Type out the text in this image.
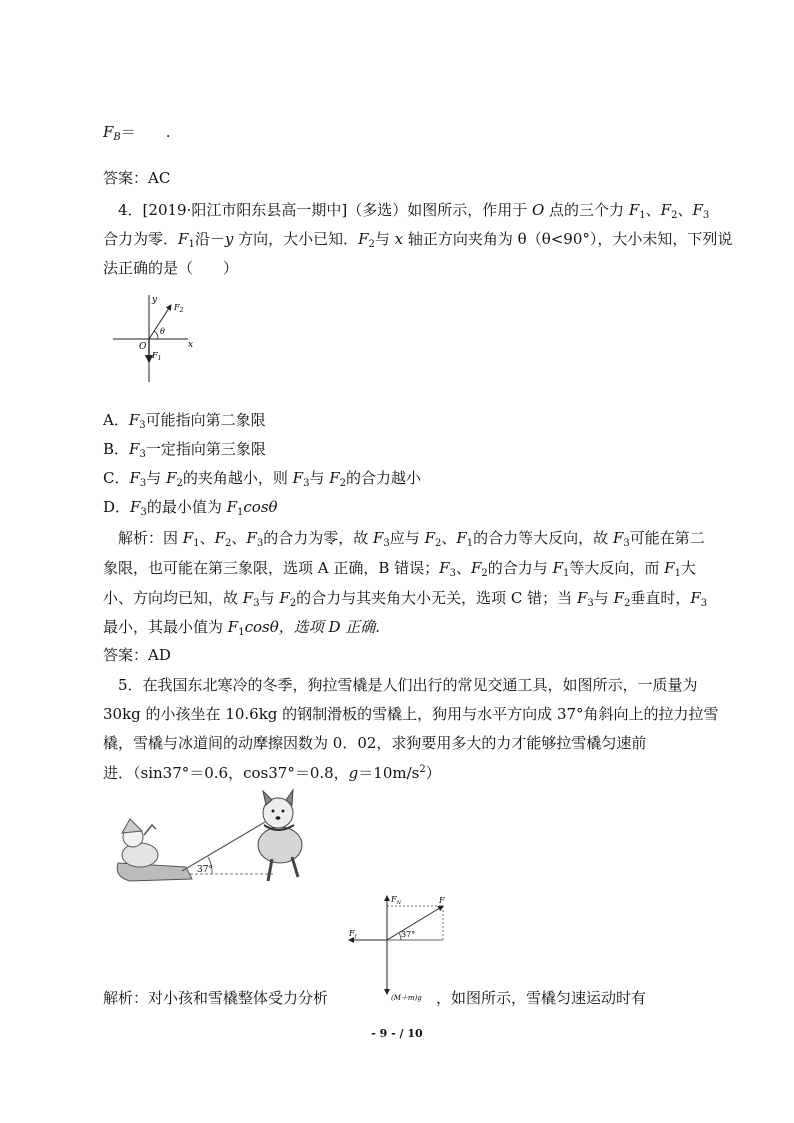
$F_B=$　　.
答案：AC
4．[2019·阳江市阳东县高一期中]（多选）如图所示，作用于 O 点的三个力 $F_1$、$F_2$、$F_3$
合力为零．$F_1$沿－y 方向，大小已知．$F_2$与 x 轴正方向夹角为 θ（θ<90°），大小未知，下列说
法正确的是（　　）
y
x
O
$F_2$
θ
$F_1$
A．$F_3$可能指向第二象限
B．$F_3$一定指向第三象限
C．$F_3$与 $F_2$的夹角越小，则 $F_3$与 $F_2$的合力越小
D．$F_3$的最小值为 $F_1\cos\theta$
解析：因 $F_1$、$F_2$、$F_3$的合力为零，故 $F_3$应与 $F_2$、$F_1$的合力等大反向，故 $F_3$可能在第二
象限，也可能在第三象限，选项 A 正确，B 错误；$F_3$、$F_2$的合力与 $F_1$等大反向，而 $F_1$大
小、方向均已知，故 $F_3$与 $F_2$的合力与其夹角大小无关，选项 C 错；当 $F_3$与 $F_2$垂直时，$F_3$
最小，其最小值为 $F_1\cos\theta$，选项 D 正确.
答案：AD
5．在我国东北寒冷的冬季，狗拉雪橇是人们出行的常见交通工具，如图所示，一质量为
30kg 的小孩坐在 10.6kg 的钢制滑板的雪橇上，狗用与水平方向成 37°角斜向上的拉力拉雪
橇，雪橇与冰道间的动摩擦因数为 0．02，求狗要用多大的力才能够拉雪橇匀速前
进．（sin37°＝0.6，cos37°＝0.8，$g=10m/s^2$）
37°
$F_N$	F
$F_f$	37°
(M＋m)g
解析：对小孩和雪橇整体受力分析	，如图所示，雪橇匀速运动时有
- 9 - / 10
